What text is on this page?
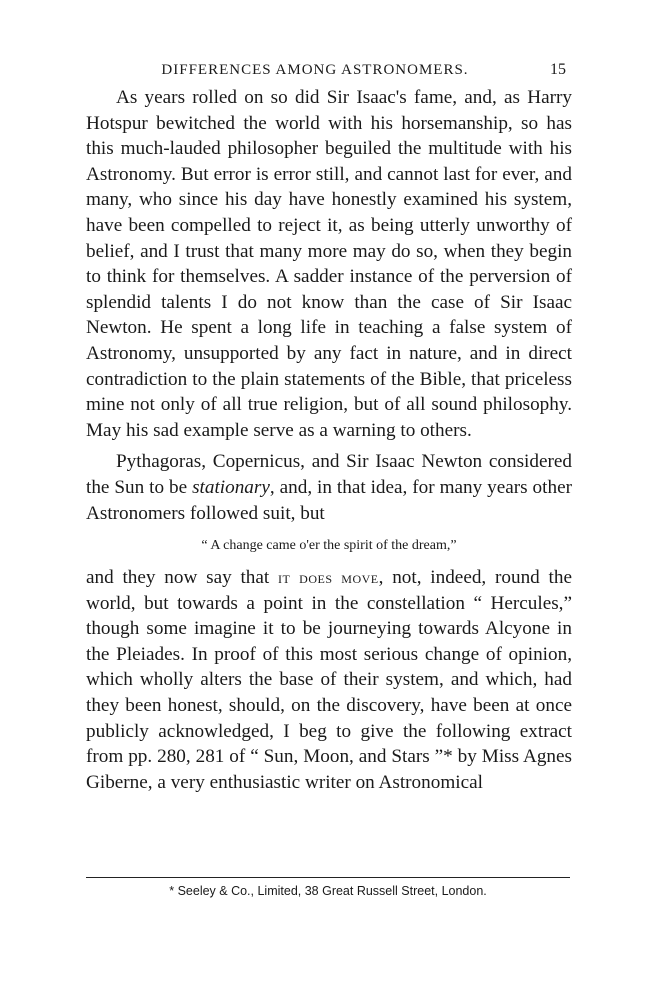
DIFFERENCES AMONG ASTRONOMERS.	15

As years rolled on so did Sir Isaac's fame, and, as Harry Hotspur bewitched the world with his horsemanship, so has this much-lauded philosopher beguiled the multitude with his Astronomy. But error is error still, and cannot last for ever, and many, who since his day have honestly examined his system, have been compelled to reject it, as being utterly unworthy of belief, and I trust that many more may do so, when they begin to think for themselves. A sadder instance of the perversion of splendid talents I do not know than the case of Sir Isaac Newton. He spent a long life in teaching a false system of Astronomy, unsupported by any fact in nature, and in direct contradiction to the plain statements of the Bible, that priceless mine not only of all true religion, but of all sound philosophy. May his sad example serve as a warning to others.

Pythagoras, Copernicus, and Sir Isaac Newton considered the Sun to be stationary, and, in that idea, for many years other Astronomers followed suit, but

“ A change came o'er the spirit of the dream,”

and they now say that it does move, not, indeed, round the world, but towards a point in the constellation “ Hercules,” though some imagine it to be journeying towards Alcyone in the Pleiades. In proof of this most serious change of opinion, which wholly alters the base of their system, and which, had they been honest, should, on the discovery, have been at once publicly acknowledged, I beg to give the following extract from pp. 280, 281 of “ Sun, Moon, and Stars ”* by Miss Agnes Giberne, a very enthusiastic writer on Astronomical

* Seeley & Co., Limited, 38 Great Russell Street, London.
